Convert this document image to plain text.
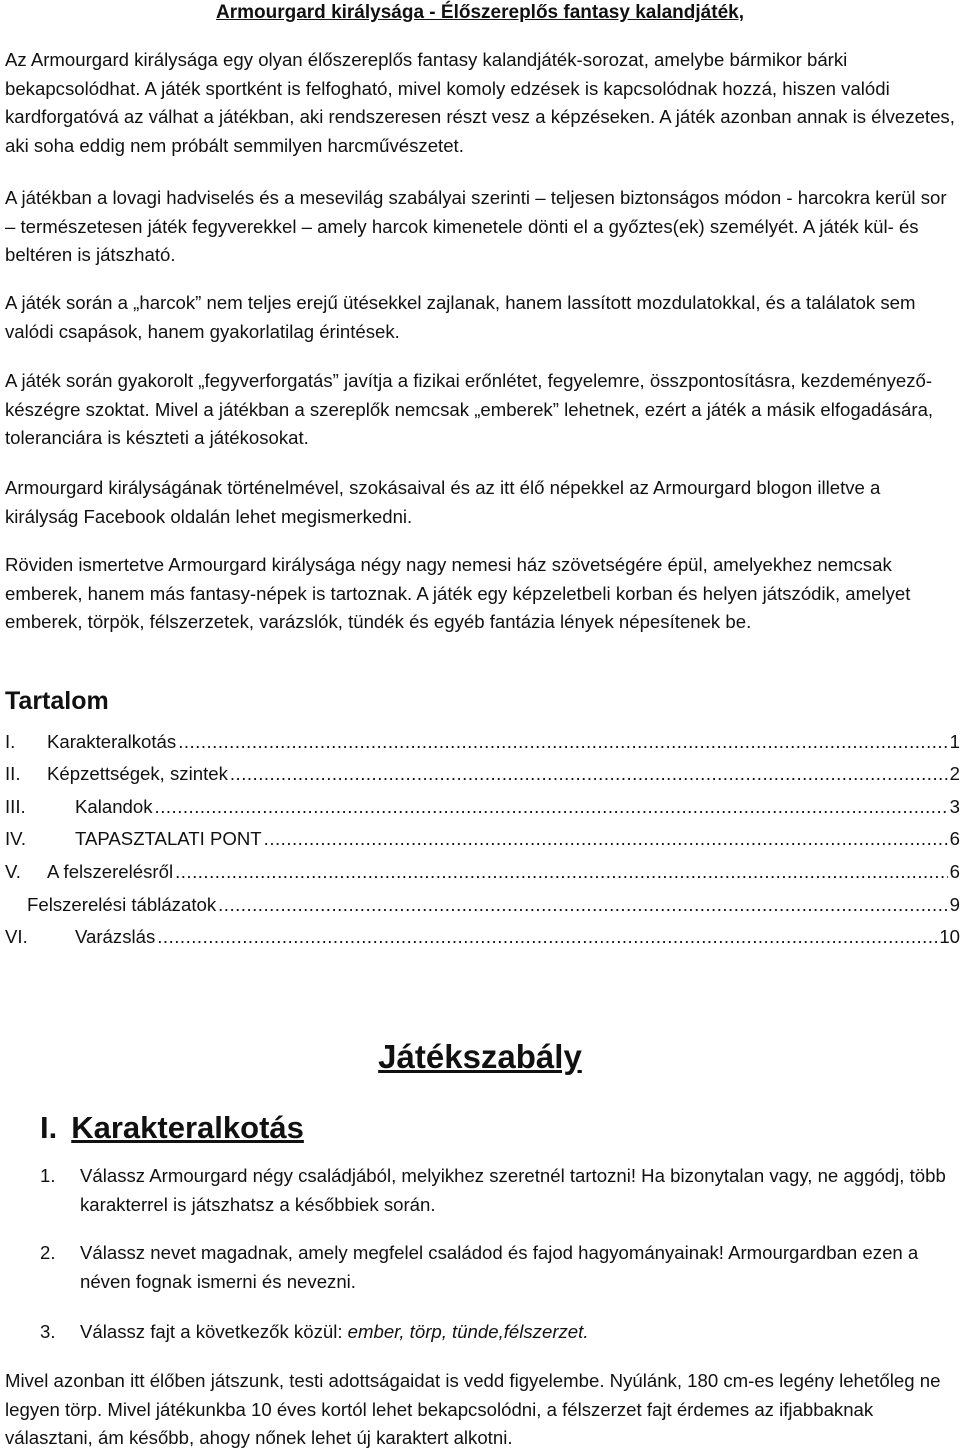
Armourgard királysága - Élőszereplős fantasy kalandjáték,
Az Armourgard királysága egy olyan élőszereplős fantasy kalandjáték-sorozat, amelybe bármikor bárki bekapcsolódhat. A játék sportként is felfogható, mivel komoly edzések is kapcsolódnak hozzá, hiszen valódi kardforgatóvá az válhat a játékban, aki rendszeresen részt vesz a képzéseken. A játék azonban annak is élvezetes, aki soha eddig nem próbált semmilyen harcművészetet.
A játékban a lovagi hadviselés és a mesevilág szabályai szerinti – teljesen biztonságos módon - harcokra kerül sor – természetesen játék fegyverekkel – amely harcok kimenetele dönti el a győztes(ek) személyét. A játék kül- és beltéren is játszható.
A játék során a „harcok” nem teljes erejű ütésekkel zajlanak, hanem lassított mozdulatokkal, és a találatok sem valódi csapások, hanem gyakorlatilag érintések.
A játék során gyakorolt „fegyverforgatás” javítja a fizikai erőnlétet, fegyelemre, összpontosításra, kezdeményező-készégre szoktat. Mivel a játékban a szereplők nemcsak „emberek” lehetnek, ezért a játék a másik elfogadására, toleranciára is készteti a játékosokat.
Armourgard királyságának történelmével, szokásaival és az itt élő népekkel az Armourgard blogon illetve a királyság Facebook oldalán lehet megismerkedni.
Röviden ismertetve Armourgard királysága négy nagy nemesi ház szövetségére épül, amelyekhez nemcsak emberek, hanem más fantasy-népek is tartoznak. A játék egy képzeletbeli korban és helyen játszódik, amelyet emberek, törpök, félszerzetek, varázslók, tündék és egyéb fantázia lények népesítenek be.
Tartalom
I.	Karakteralkotás .....	1
II.	Képzettségek, szintek .....	2
III.	Kalandok .....	3
IV.	TAPASZTALATI PONT .....	6
V.	A felszerelésről .....	6
Felszerelési táblázatok .....	9
VI.	Varázslás .....	10
Játékszabály
I. Karakteralkotás
1. Válassz Armourgard négy családjából, melyikhez szeretnél tartozni! Ha bizonytalan vagy, ne aggódj, több karakterrel is játszhatsz a későbbiek során.
2. Válassz nevet magadnak, amely megfelel családod és fajod hagyományainak! Armourgardban ezen a néven fognak ismerni és nevezni.
3. Válassz fajt a következők közül: ember, törp, tünde,félszerzet.
Mivel azonban itt élőben játszunk, testi adottságaidat is vedd figyelembe. Nyúlánk, 180 cm-es legény lehetőleg ne legyen törp. Mivel játékunkba 10 éves kortól lehet bekapcsolódni, a félszerzet fajt érdemes az ifjabbaknak választani, ám később, ahogy nőnek lehet új karaktert alkotni.
